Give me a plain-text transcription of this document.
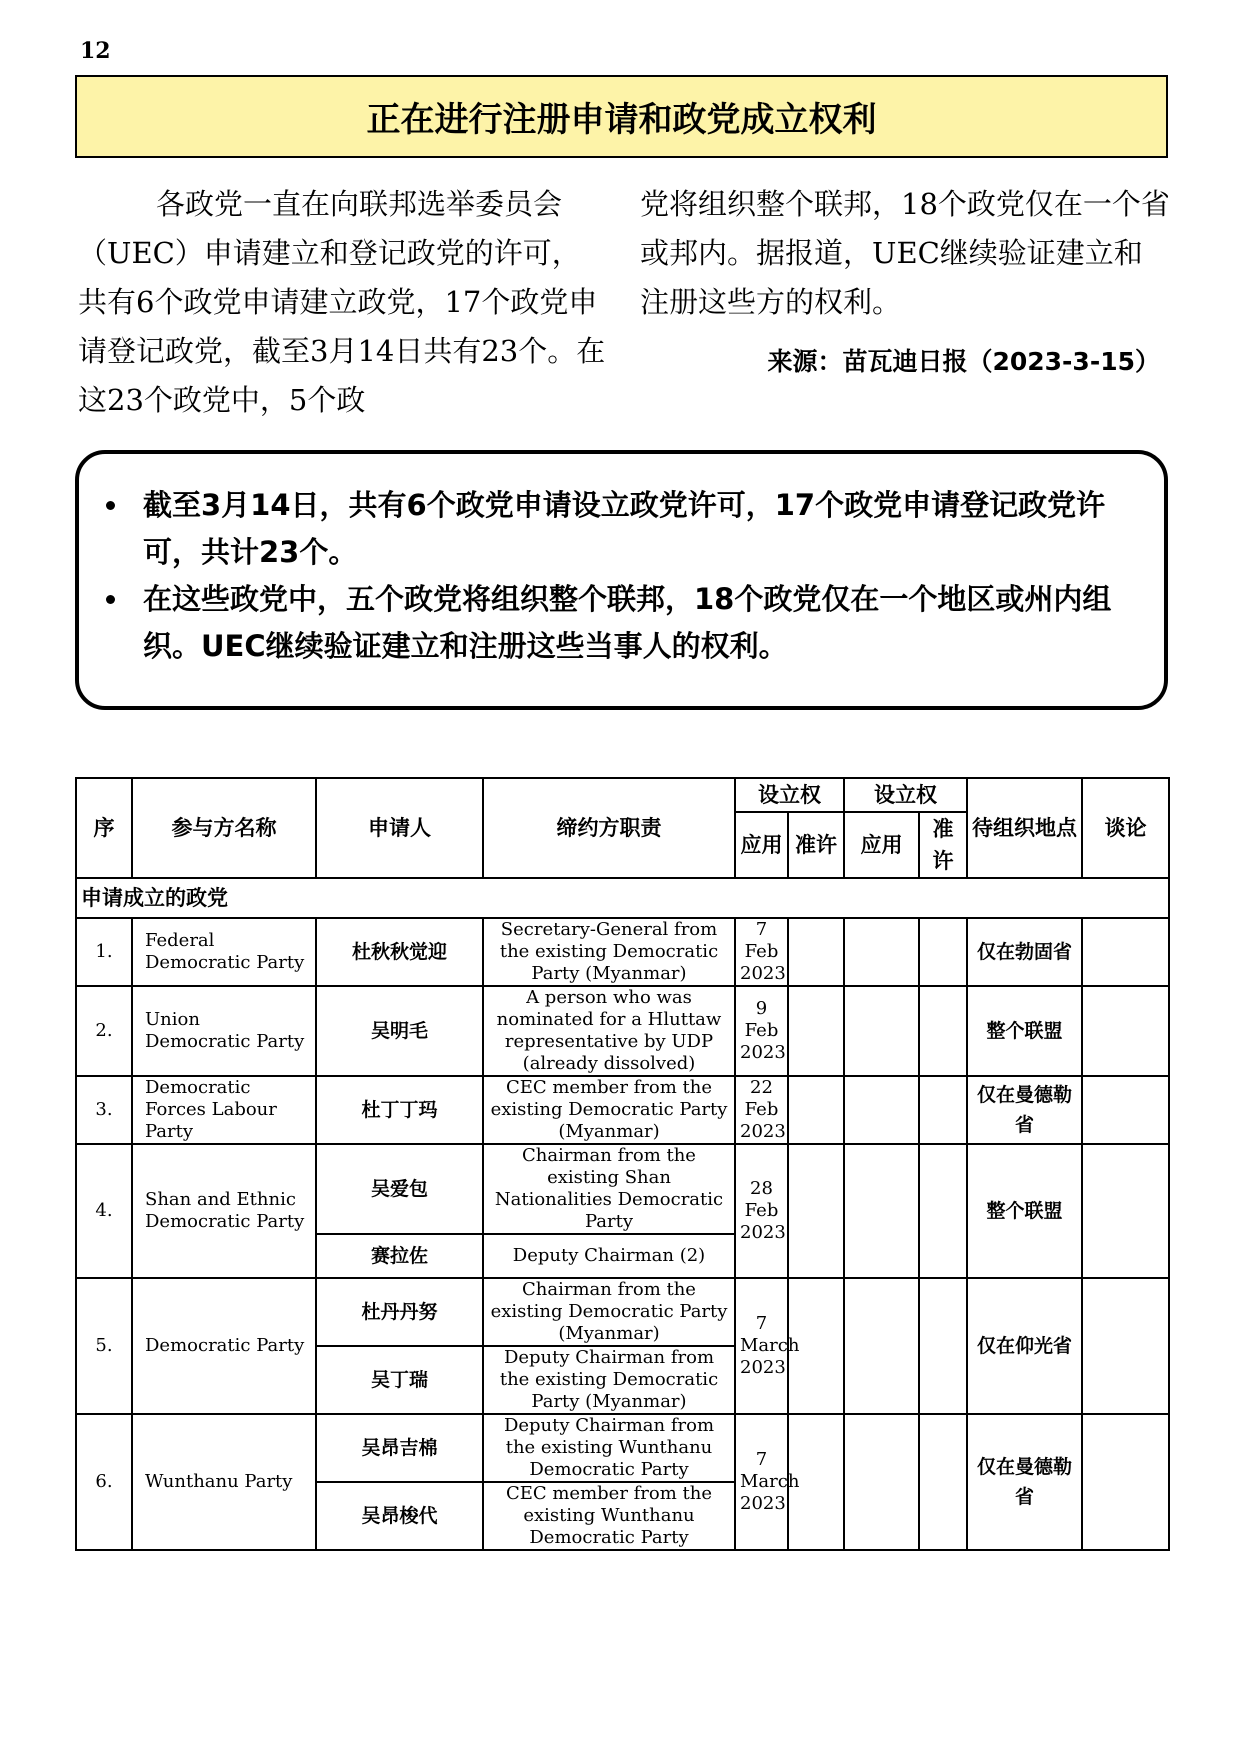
12
正在进行注册申请和政党成立权利
各政党一直在向联邦选举委员会（UEC）申请建立和登记政党的许可，共有6个政党申请建立政党，17个政党申请登记政党，截至3月14日共有23个。在这23个政党中，5个政
党将组织整个联邦，18个政党仅在一个省或邦内。据报道，UEC继续验证建立和注册这些方的权利。
来源：苗瓦迪日报（2023-3-15）
• 截至3月14日，共有6个政党申请设立政党许可，17个政党申请登记政党许可，共计23个。
• 在这些政党中，五个政党将组织整个联邦，18个政党仅在一个地区或州内组织。UEC继续验证建立和注册这些当事人的权利。
序	参与方名称	申请人	缔约方职责	设立权		设立权		待组织地点	谈论
				应用	准许	应用	准许		
申请成立的政党									
1.	Federal Democratic Party	杜秋秋觉迎	Secretary-General from the existing Democratic Party (Myanmar)	7 Feb 2023				仅在勃固省	
2.	Union Democratic Party	吴明毛	A person who was nominated for a Hluttaw representative by UDP (already dissolved)	9 Feb 2023				整个联盟	
3.	Democratic Forces Labour Party	杜丁丁玛	CEC member from the existing Democratic Party (Myanmar)	22 Feb 2023				仅在曼德勒省	
4.	Shan and Ethnic Democratic Party	吴爱包	Chairman from the existing Shan Nationalities Democratic Party	28 Feb 2023				整个联盟	
		赛拉佐	Deputy Chairman (2)						
5.	Democratic Party	杜丹丹努	Chairman from the existing Democratic Party (Myanmar)	7 March 2023				仅在仰光省	
		吴丁瑞	Deputy Chairman from the existing Democratic Party (Myanmar)						
6.	Wunthanu Party	吴昂吉棉	Deputy Chairman from the existing Wunthanu Democratic Party	7 March 2023				仅在曼德勒省	
		吴昂梭代	CEC member from the existing Wunthanu Democratic Party						
